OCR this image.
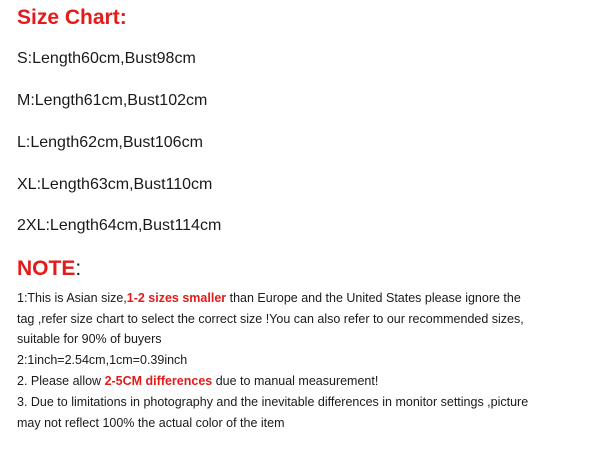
Size Chart:
S:Length60cm,Bust98cm
M:Length61cm,Bust102cm
L:Length62cm,Bust106cm
XL:Length63cm,Bust110cm
2XL:Length64cm,Bust114cm
NOTE:
1:This is Asian size,1-2 sizes smaller than Europe and the United States please ignore the
tag ,refer size chart to select the correct size !You can also refer to our recommended sizes,
suitable for 90% of buyers
2:1inch=2.54cm,1cm=0.39inch
2. Please allow 2-5CM differences due to manual measurement!
3. Due to limitations in photography and the inevitable differences in monitor settings ,picture
may not reflect 100% the actual color of the item
